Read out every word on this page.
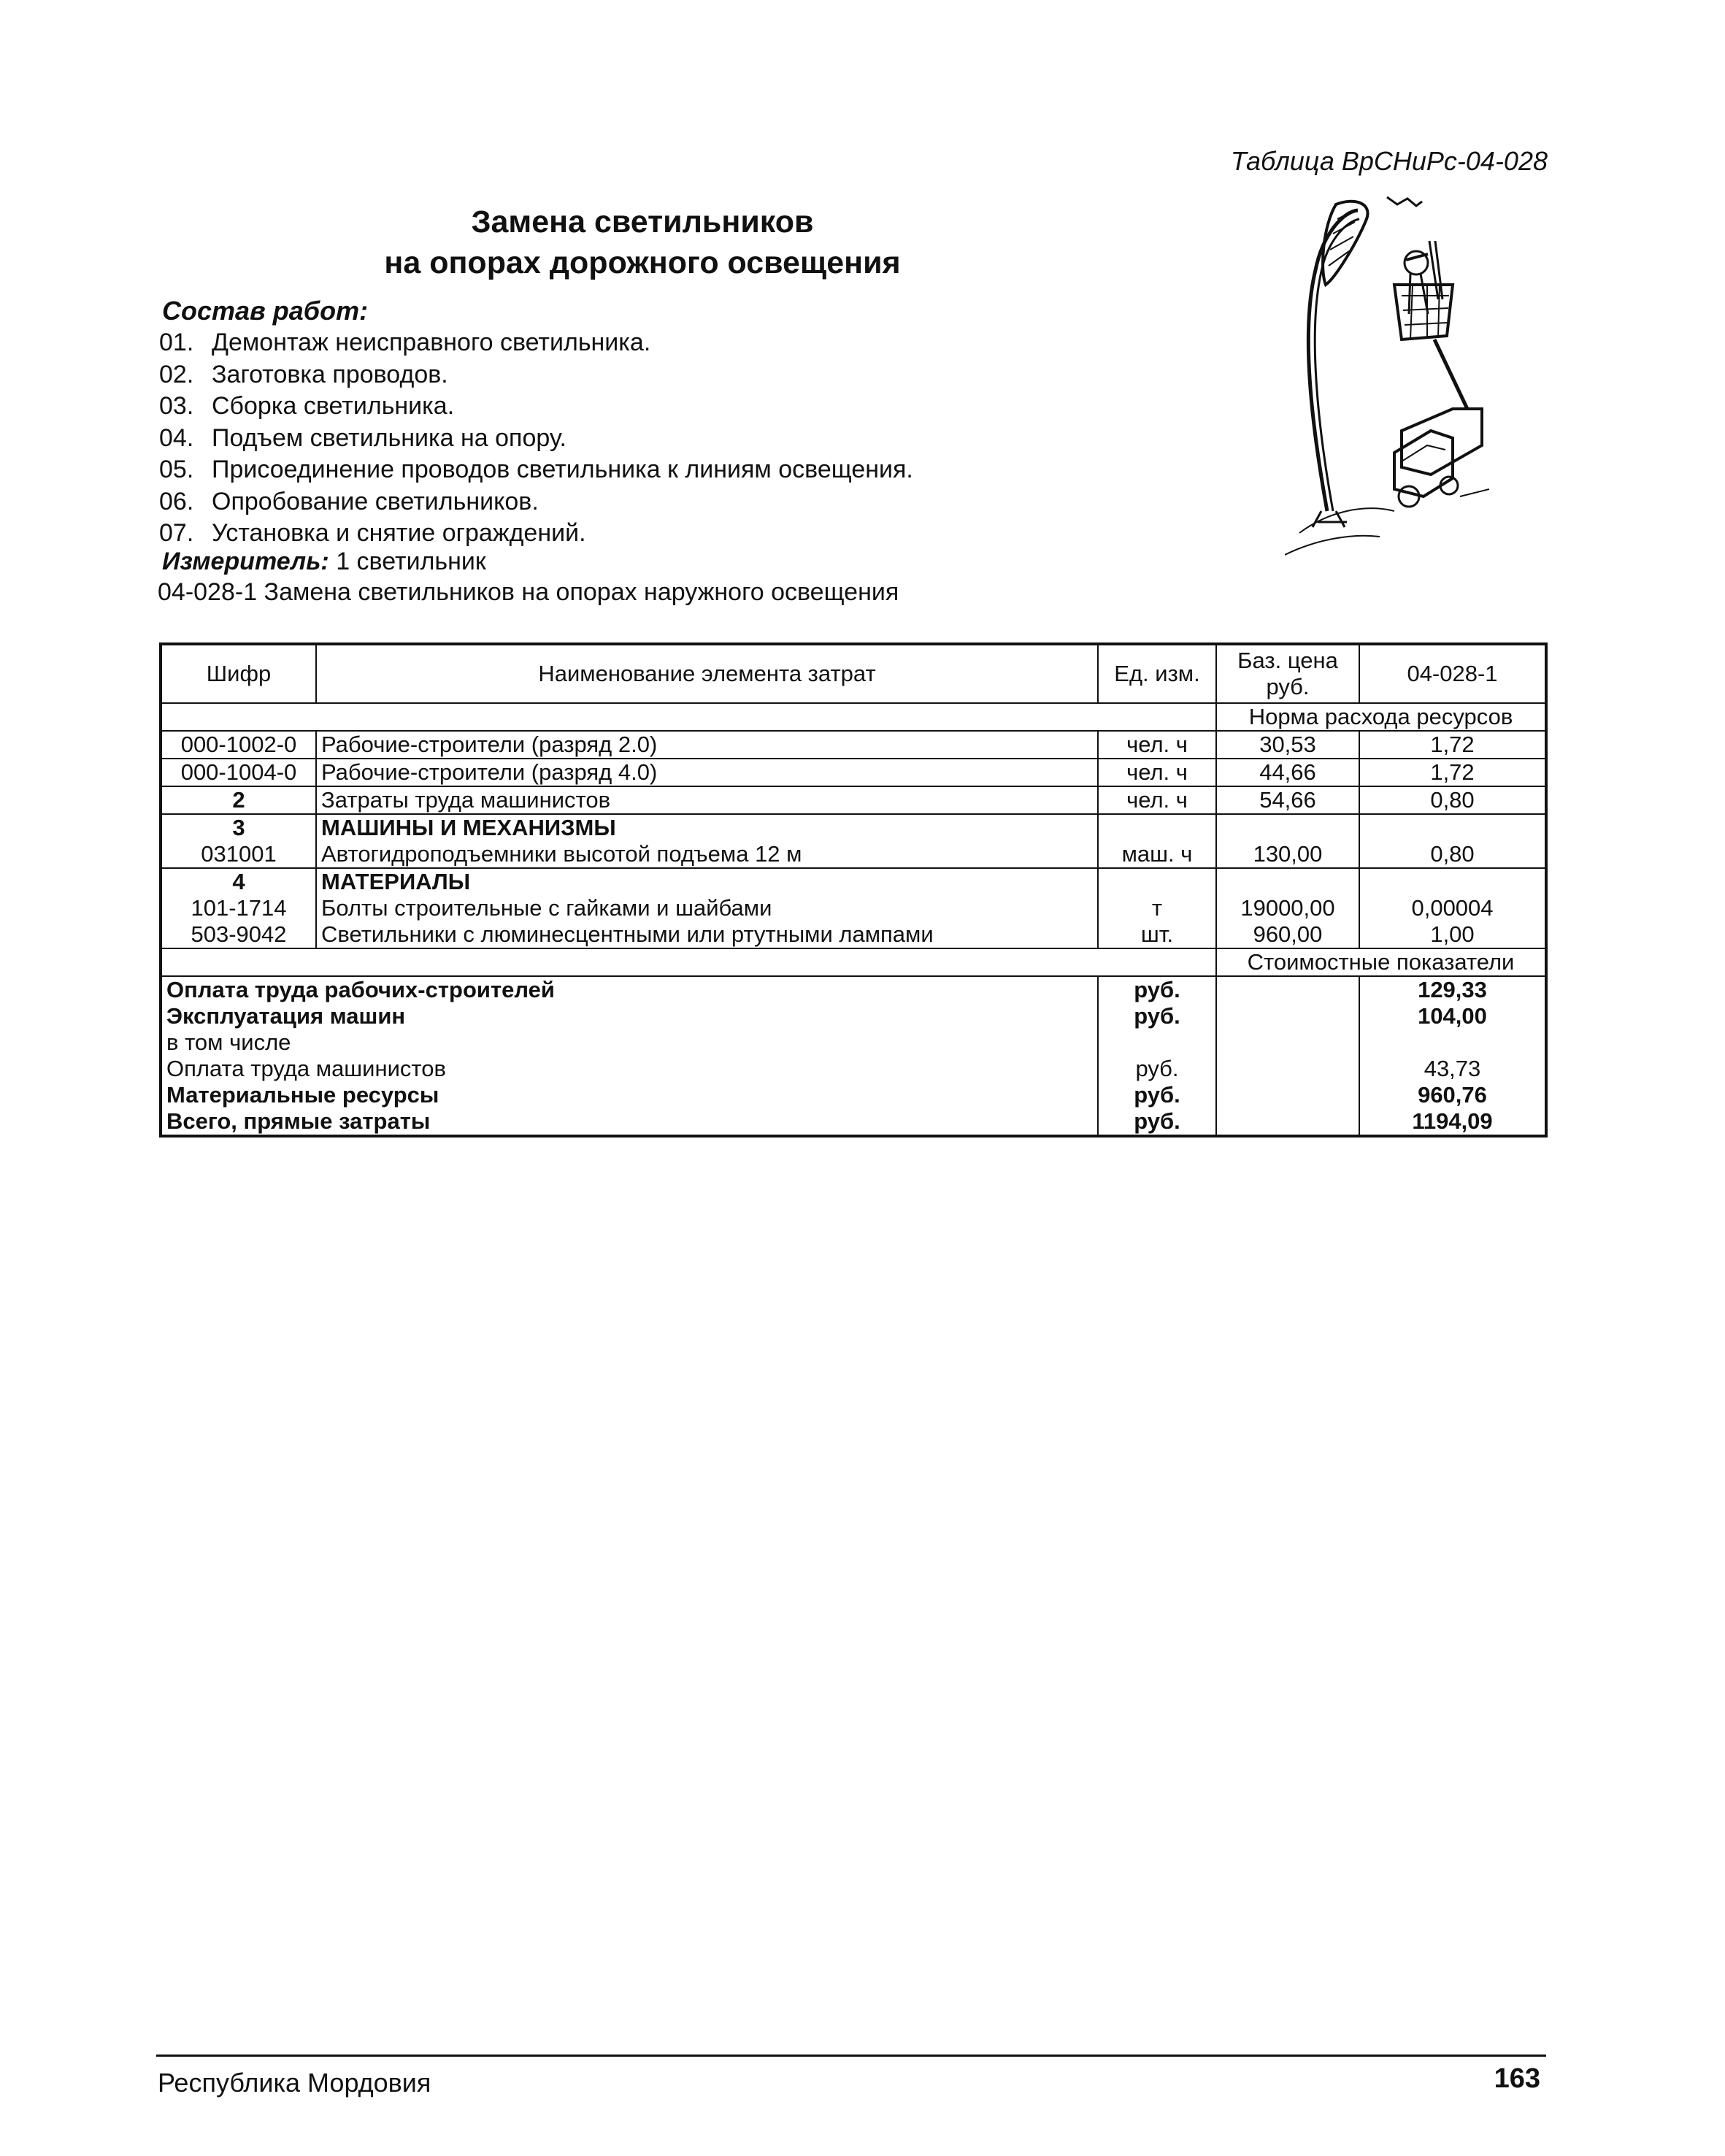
Таблица ВрСНиРс-04-028
Замена светильников
на опорах дорожного освещения
Состав работ:
01. Демонтаж неисправного светильника.
02. Заготовка проводов.
03. Сборка светильника.
04. Подъем светильника на опору.
05. Присоединение проводов светильника к линиям освещения.
06. Опробование светильников.
07. Установка и снятие ограждений.
Измеритель: 1 светильник
04-028-1 Замена светильников на опорах наружного освещения
Шифр	Наименование элемента затрат	Ед. изм.	Баз. цена руб.	04-028-1
			Норма расхода ресурсов	
000-1002-0	Рабочие-строители (разряд 2.0)	чел. ч	30,53	1,72
000-1004-0	Рабочие-строители (разряд 4.0)	чел. ч	44,66	1,72
2	Затраты труда машинистов	чел. ч	54,66	0,80
3	МАШИНЫ И МЕХАНИЗМЫ			
031001	Автогидроподъемники высотой подъема 12 м	маш. ч	130,00	0,80
4	МАТЕРИАЛЫ			
101-1714	Болты строительные с гайками и шайбами	т	19000,00	0,00004
503-9042	Светильники с люминесцентными или ртутными лампами	шт.	960,00	1,00
			Стоимостные показатели	
Оплата труда рабочих-строителей		руб.		129,33
Эксплуатация машин		руб.		104,00
в том числе				
Оплата труда машинистов		руб.		43,73
Материальные ресурсы		руб.		960,76
Всего, прямые затраты		руб.		1194,09
Республика Мордовия	163
